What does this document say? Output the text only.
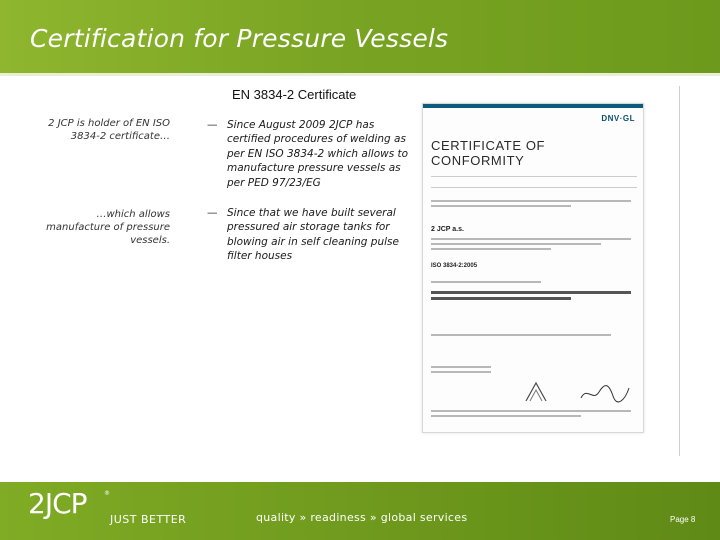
Certification for Pressure Vessels
EN 3834-2 Certificate
2 JCP is holder of EN ISO 3834-2 certificate…
— Since August 2009 2JCP has certified procedures of welding as per EN ISO 3834-2 which allows to manufacture pressure vessels as per PED 97/23/EG
…which allows manufacture of pressure vessels.
— Since that we have built several pressured air storage tanks for blowing air in self cleaning pulse filter houses
DNV·GL
CERTIFICATE OF
CONFORMITY
2 JCP a.s.
ISO 3834-2:2005
2JCP	®
JUST BETTER	quality » readiness » global services	Page 8
